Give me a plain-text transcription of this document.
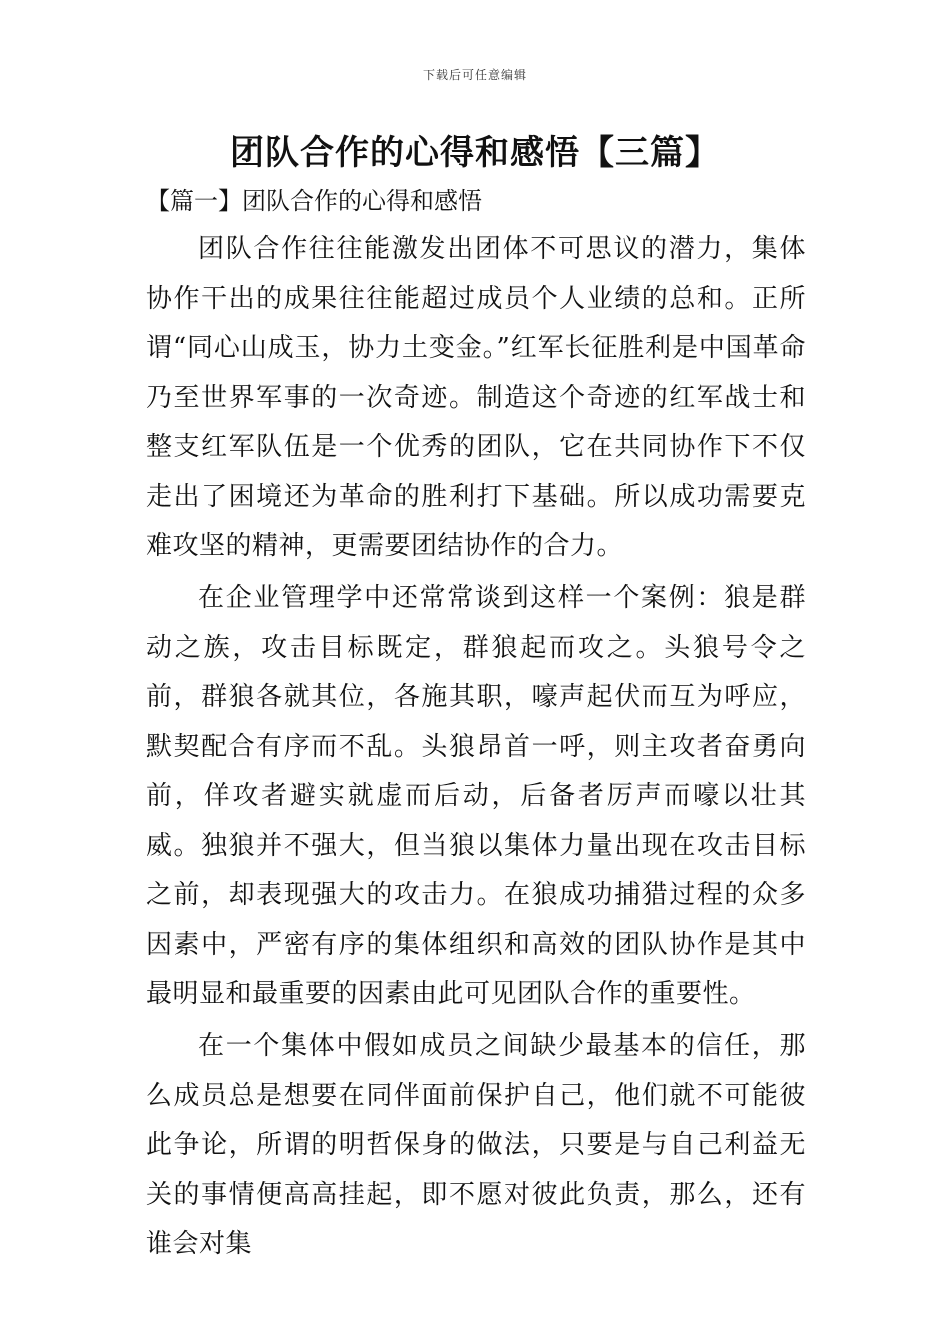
下载后可任意编辑
团队合作的心得和感悟【三篇】
【篇一】团队合作的心得和感悟

团队合作往往能激发出团体不可思议的潜力，集体协作干出的成果往往能超过成员个人业绩的总和。正所谓“同心山成玉，协力土变金。”红军长征胜利是中国革命乃至世界军事的一次奇迹。制造这个奇迹的红军战士和整支红军队伍是一个优秀的团队，它在共同协作下不仅走出了困境还为革命的胜利打下基础。所以成功需要克难攻坚的精神，更需要团结协作的合力。

在企业管理学中还常常谈到这样一个案例：狼是群动之族，攻击目标既定，群狼起而攻之。头狼号令之前，群狼各就其位，各施其职，嚎声起伏而互为呼应，默契配合有序而不乱。头狼昂首一呼，则主攻者奋勇向前，佯攻者避实就虚而后动，后备者厉声而嚎以壮其威。独狼并不强大，但当狼以集体力量出现在攻击目标之前，却表现强大的攻击力。在狼成功捕猎过程的众多因素中，严密有序的集体组织和高效的团队协作是其中最明显和最重要的因素由此可见团队合作的重要性。

在一个集体中假如成员之间缺少最基本的信任，那么成员总是想要在同伴面前保护自己，他们就不可能彼此争论，所谓的明哲保身的做法，只要是与自己利益无关的事情便高高挂起，即不愿对彼此负责，那么，还有谁会对集
